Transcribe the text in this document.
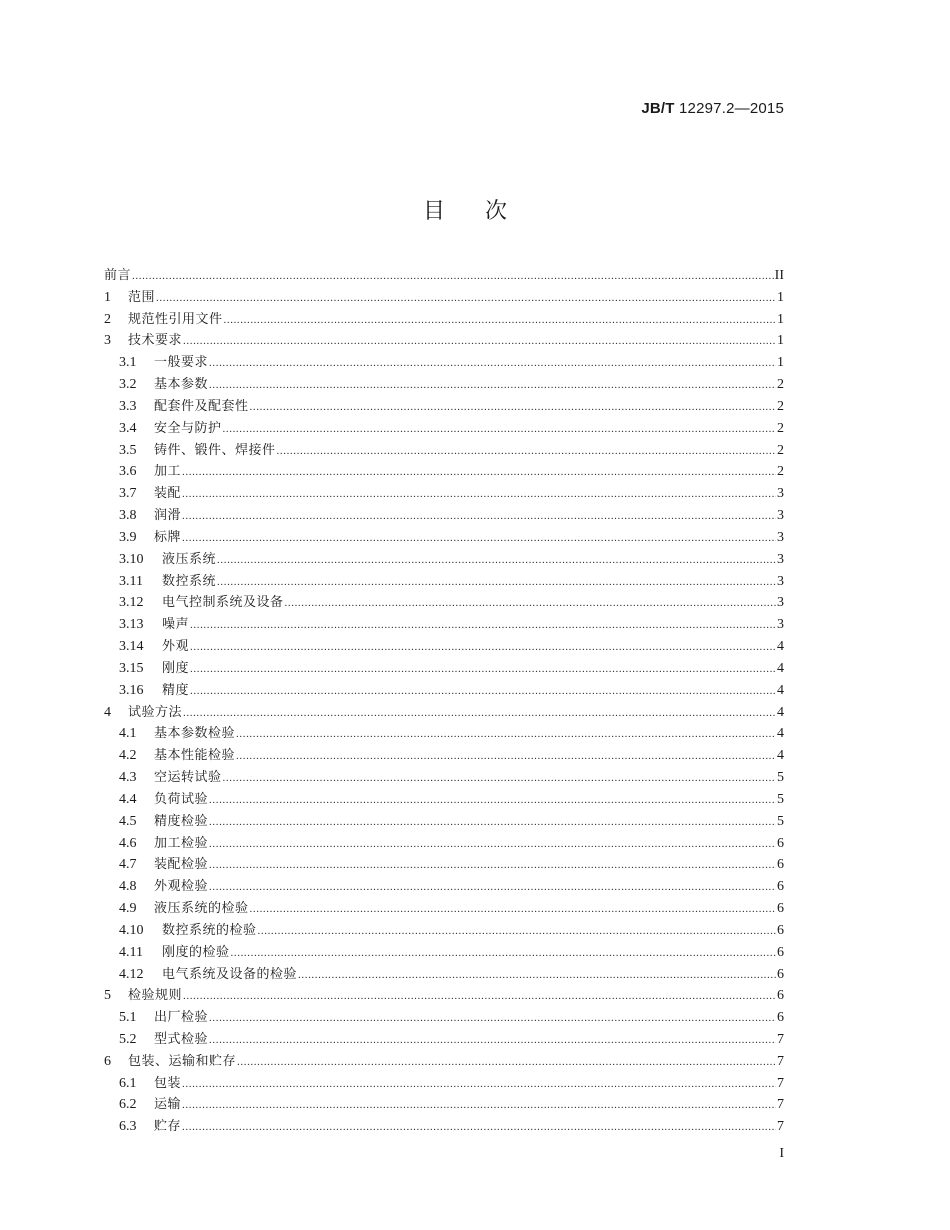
JB/T 12297.2—2015
目次
前言 .....	II
1	范围 .....	1
2	规范性引用文件 .....	1
3	技术要求 .....	1
3.1	一般要求 .....	1
3.2	基本参数 .....	2
3.3	配套件及配套性 .....	2
3.4	安全与防护 .....	2
3.5	铸件、锻件、焊接件 .....	2
3.6	加工 .....	2
3.7	装配 .....	3
3.8	润滑 .....	3
3.9	标牌 .....	3
3.10	液压系统 .....	3
3.11	数控系统 .....	3
3.12	电气控制系统及设备 .....	3
3.13	噪声 .....	3
3.14	外观 .....	4
3.15	刚度 .....	4
3.16	精度 .....	4
4	试验方法 .....	4
4.1	基本参数检验 .....	4
4.2	基本性能检验 .....	4
4.3	空运转试验 .....	5
4.4	负荷试验 .....	5
4.5	精度检验 .....	5
4.6	加工检验 .....	6
4.7	装配检验 .....	6
4.8	外观检验 .....	6
4.9	液压系统的检验 .....	6
4.10	数控系统的检验 .....	6
4.11	刚度的检验 .....	6
4.12	电气系统及设备的检验 .....	6
5	检验规则 .....	6
5.1	出厂检验 .....	6
5.2	型式检验 .....	7
6	包装、运输和贮存 .....	7
6.1	包装 .....	7
6.2	运输 .....	7
6.3	贮存 .....	7
I
